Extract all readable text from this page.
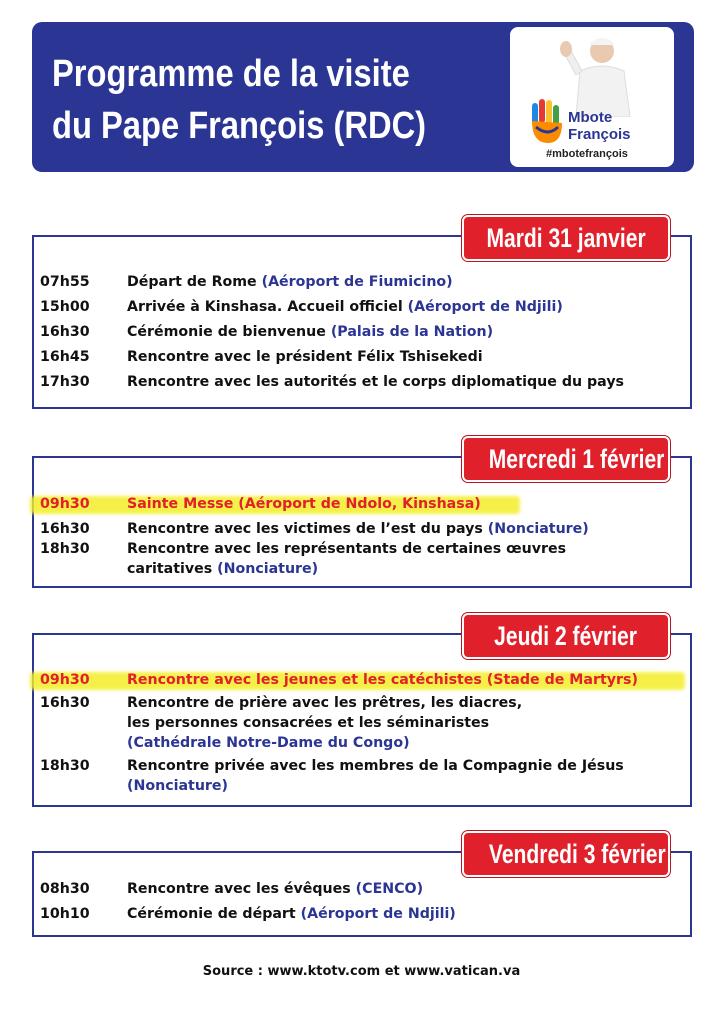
Programme de la visite
du Pape François (RDC)	Mbote
François
#mbotefrançois
Mardi 31 janvier
07h55	Départ de Rome (Aéroport de Fiumicino)
15h00	Arrivée à Kinshasa. Accueil officiel (Aéroport de Ndjili)
16h30	Cérémonie de bienvenue (Palais de la Nation)
16h45	Rencontre avec le président Félix Tshisekedi
17h30	Rencontre avec les autorités et le corps diplomatique du pays
Mercredi 1 février
09h30	Sainte Messe (Aéroport de Ndolo, Kinshasa)
16h30	Rencontre avec les victimes de l’est du pays (Nonciature)
18h30	Rencontre avec les représentants de certaines œuvres
caritatives (Nonciature)
Jeudi 2 février
09h30	Rencontre avec les jeunes et les catéchistes (Stade de Martyrs)
16h30	Rencontre de prière avec les prêtres, les diacres,
les personnes consacrées et les séminaristes
(Cathédrale Notre-Dame du Congo)
18h30	Rencontre privée avec les membres de la Compagnie de Jésus
(Nonciature)
Vendredi 3 février
08h30	Rencontre avec les évêques (CENCO)
10h10	Cérémonie de départ (Aéroport de Ndjili)
Source : www.ktotv.com et www.vatican.va
